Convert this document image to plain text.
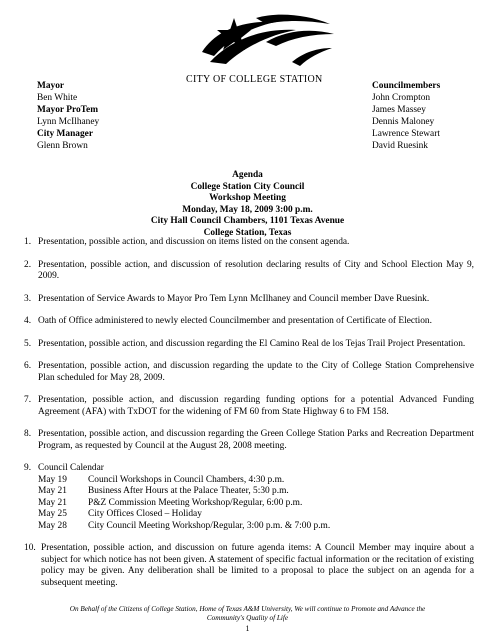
CITY OF COLLEGE STATION
Mayor
Ben White
Mayor ProTem
Lynn McIlhaney
City Manager
Glenn Brown
Councilmembers
John Crompton
James Massey
Dennis Maloney
Lawrence Stewart
David Ruesink
Agenda
College Station City Council
Workshop Meeting
Monday, May 18, 2009 3:00 p.m.
City Hall Council Chambers, 1101 Texas Avenue
College Station, Texas
1. Presentation, possible action, and discussion on items listed on the consent agenda.
2. Presentation, possible action, and discussion of resolution declaring results of City and School Election May 9, 2009.
3. Presentation of Service Awards to Mayor Pro Tem Lynn McIlhaney and Council member Dave Ruesink.
4. Oath of Office administered to newly elected Councilmember and presentation of Certificate of Election.
5. Presentation, possible action, and discussion regarding the El Camino Real de los Tejas Trail Project Presentation.
6. Presentation, possible action, and discussion regarding the update to the City of College Station Comprehensive Plan scheduled for May 28, 2009.
7. Presentation, possible action, and discussion regarding funding options for a potential Advanced Funding Agreement (AFA) with TxDOT for the widening of FM 60 from State Highway 6 to FM 158.
8. Presentation, possible action, and discussion regarding the Green College Station Parks and Recreation Department Program, as requested by Council at the August 28, 2008 meeting.
9. Council Calendar
May 19	Council Workshops in Council Chambers, 4:30 p.m.
May 21	Business After Hours at the Palace Theater, 5:30 p.m.
May 21	P&Z Commission Meeting Workshop/Regular, 6:00 p.m.
May 25	City Offices Closed – Holiday
May 28	City Council Meeting Workshop/Regular, 3:00 p.m. & 7:00 p.m.
10. Presentation, possible action, and discussion on future agenda items: A Council Member may inquire about a subject for which notice has not been given. A statement of specific factual information or the recitation of existing policy may be given. Any deliberation shall be limited to a proposal to place the subject on an agenda for a subsequent meeting.
On Behalf of the Citizens of College Station, Home of Texas A&M University, We will continue to Promote and Advance the
Community's Quality of Life
1
